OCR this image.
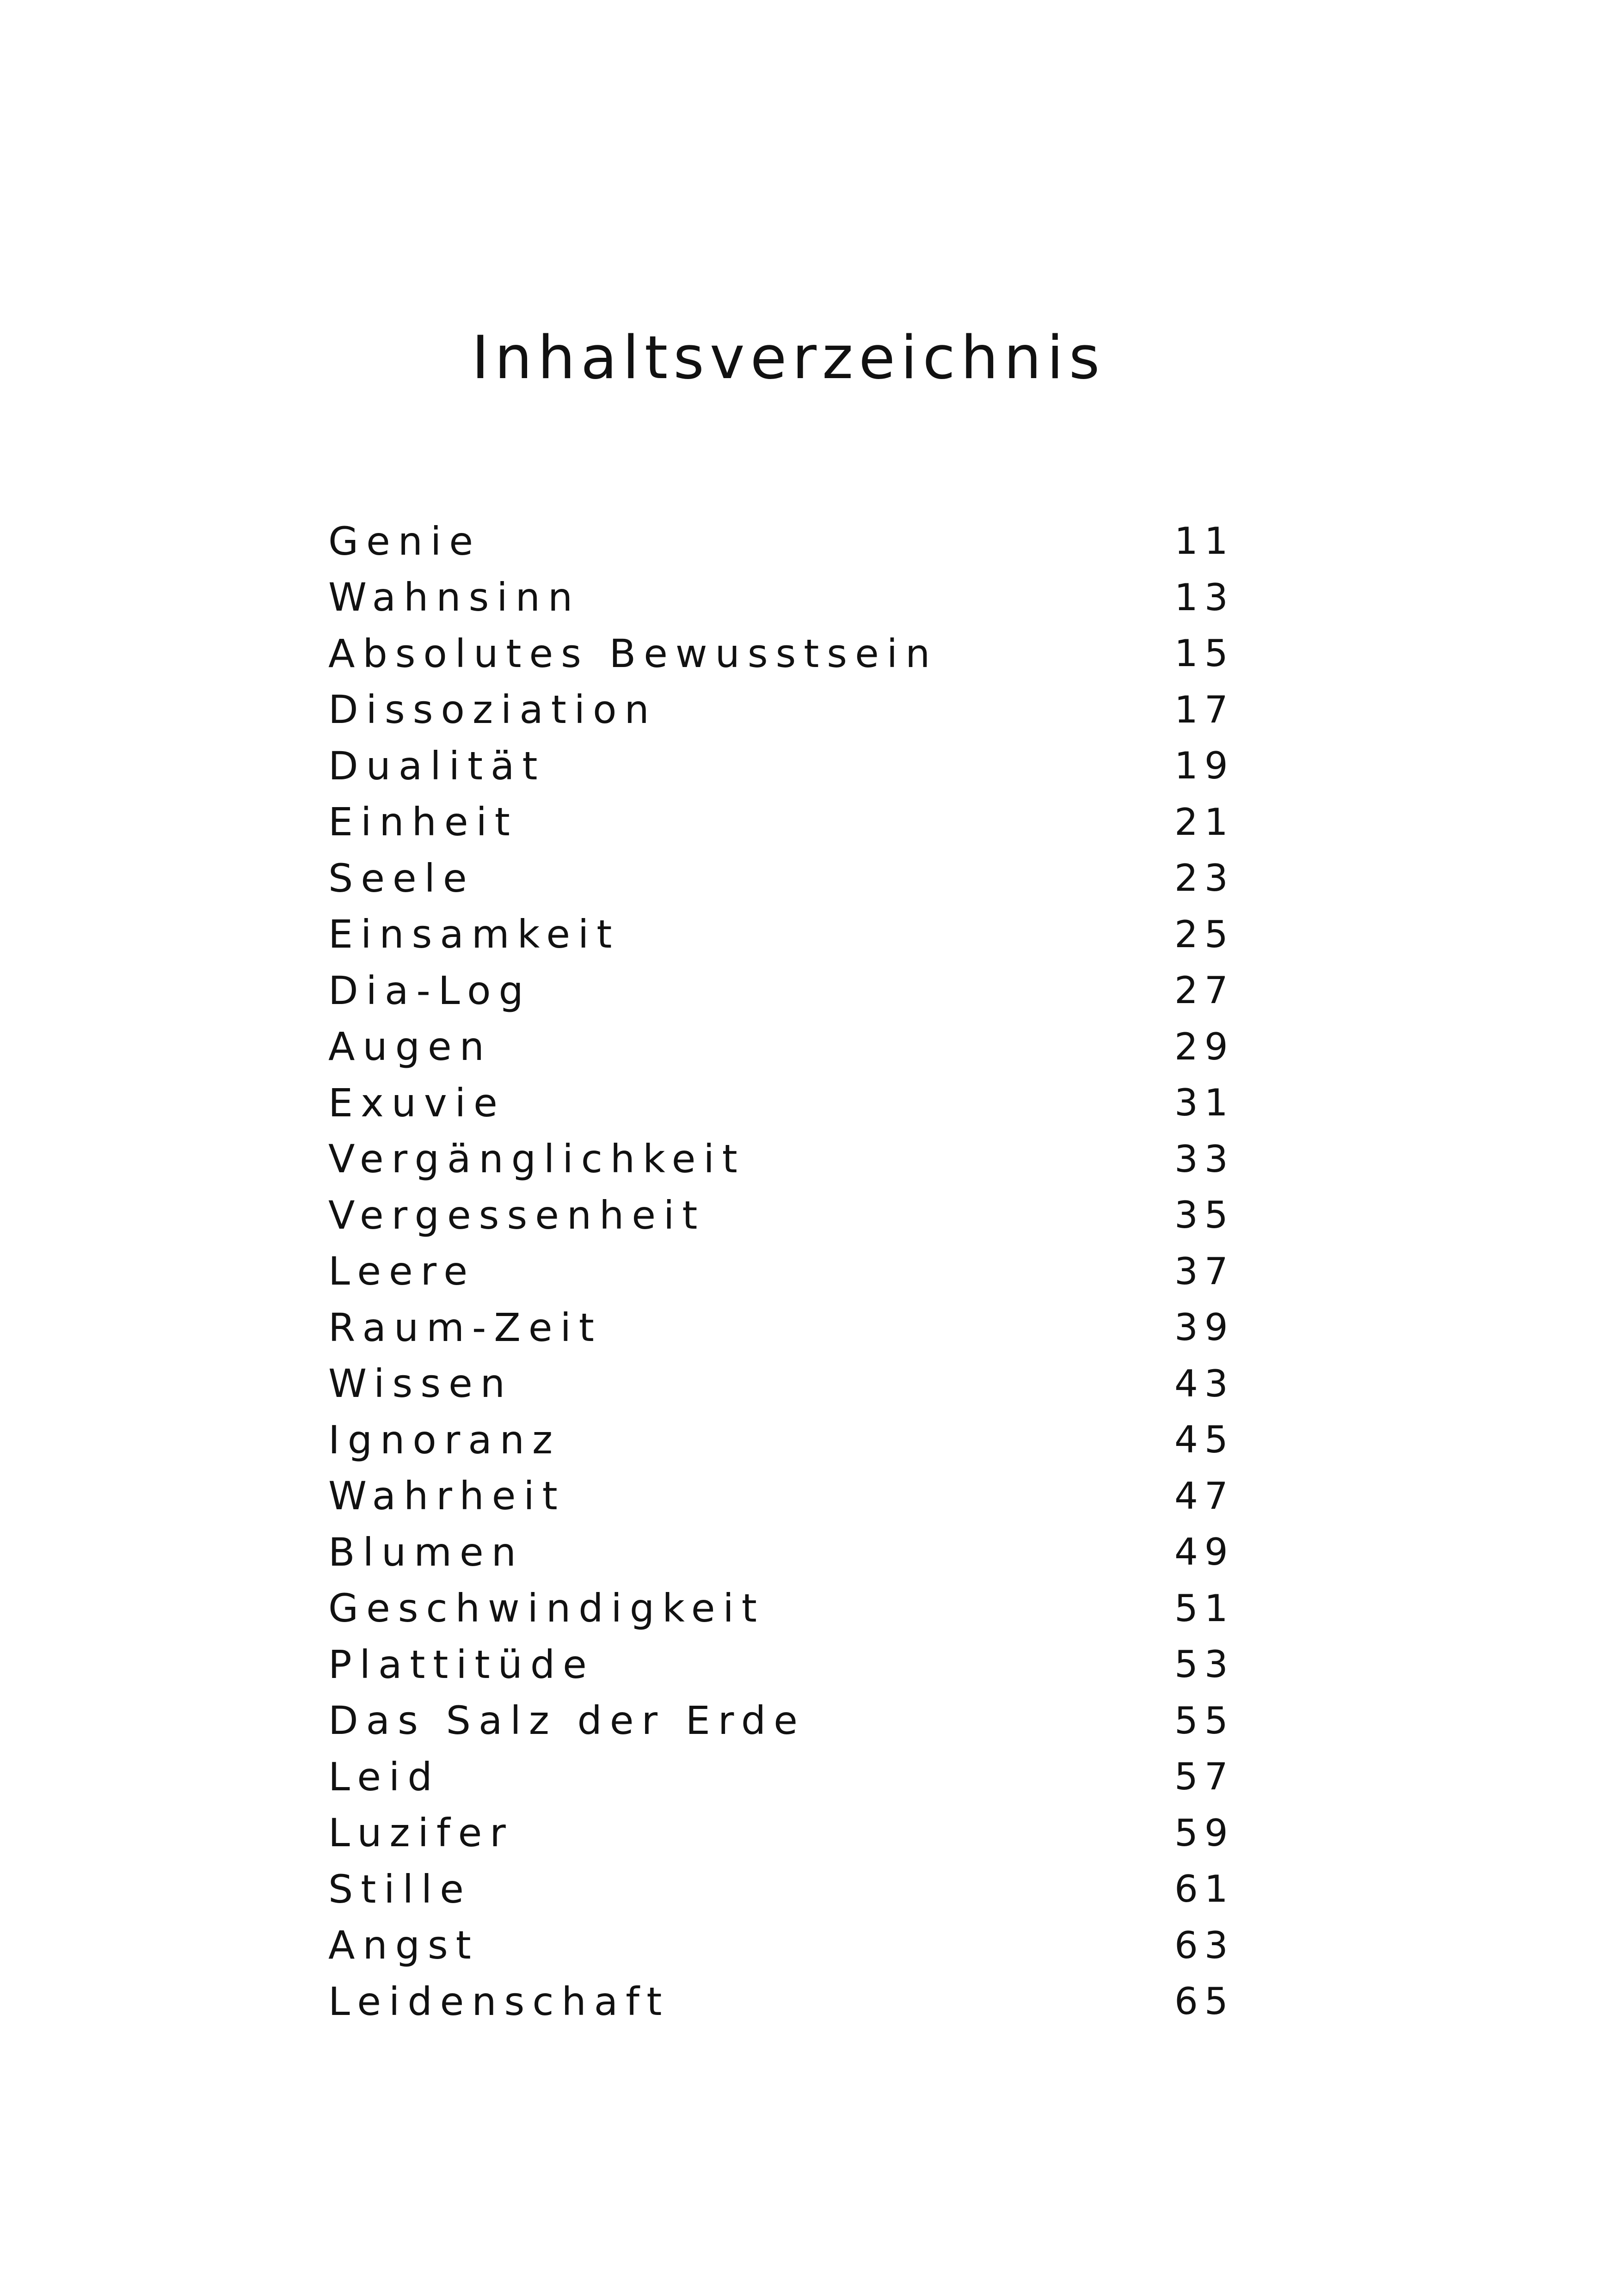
Inhaltsverzeichnis
Genie	11
Wahnsinn	13
Absolutes Bewusstsein	15
Dissoziation	17
Dualität	19
Einheit	21
Seele	23
Einsamkeit	25
Dia-Log	27
Augen	29
Exuvie	31
Vergänglichkeit	33
Vergessenheit	35
Leere	37
Raum-Zeit	39
Wissen	43
Ignoranz	45
Wahrheit	47
Blumen	49
Geschwindigkeit	51
Plattitüde	53
Das Salz der Erde	55
Leid	57
Luzifer	59
Stille	61
Angst	63
Leidenschaft	65
